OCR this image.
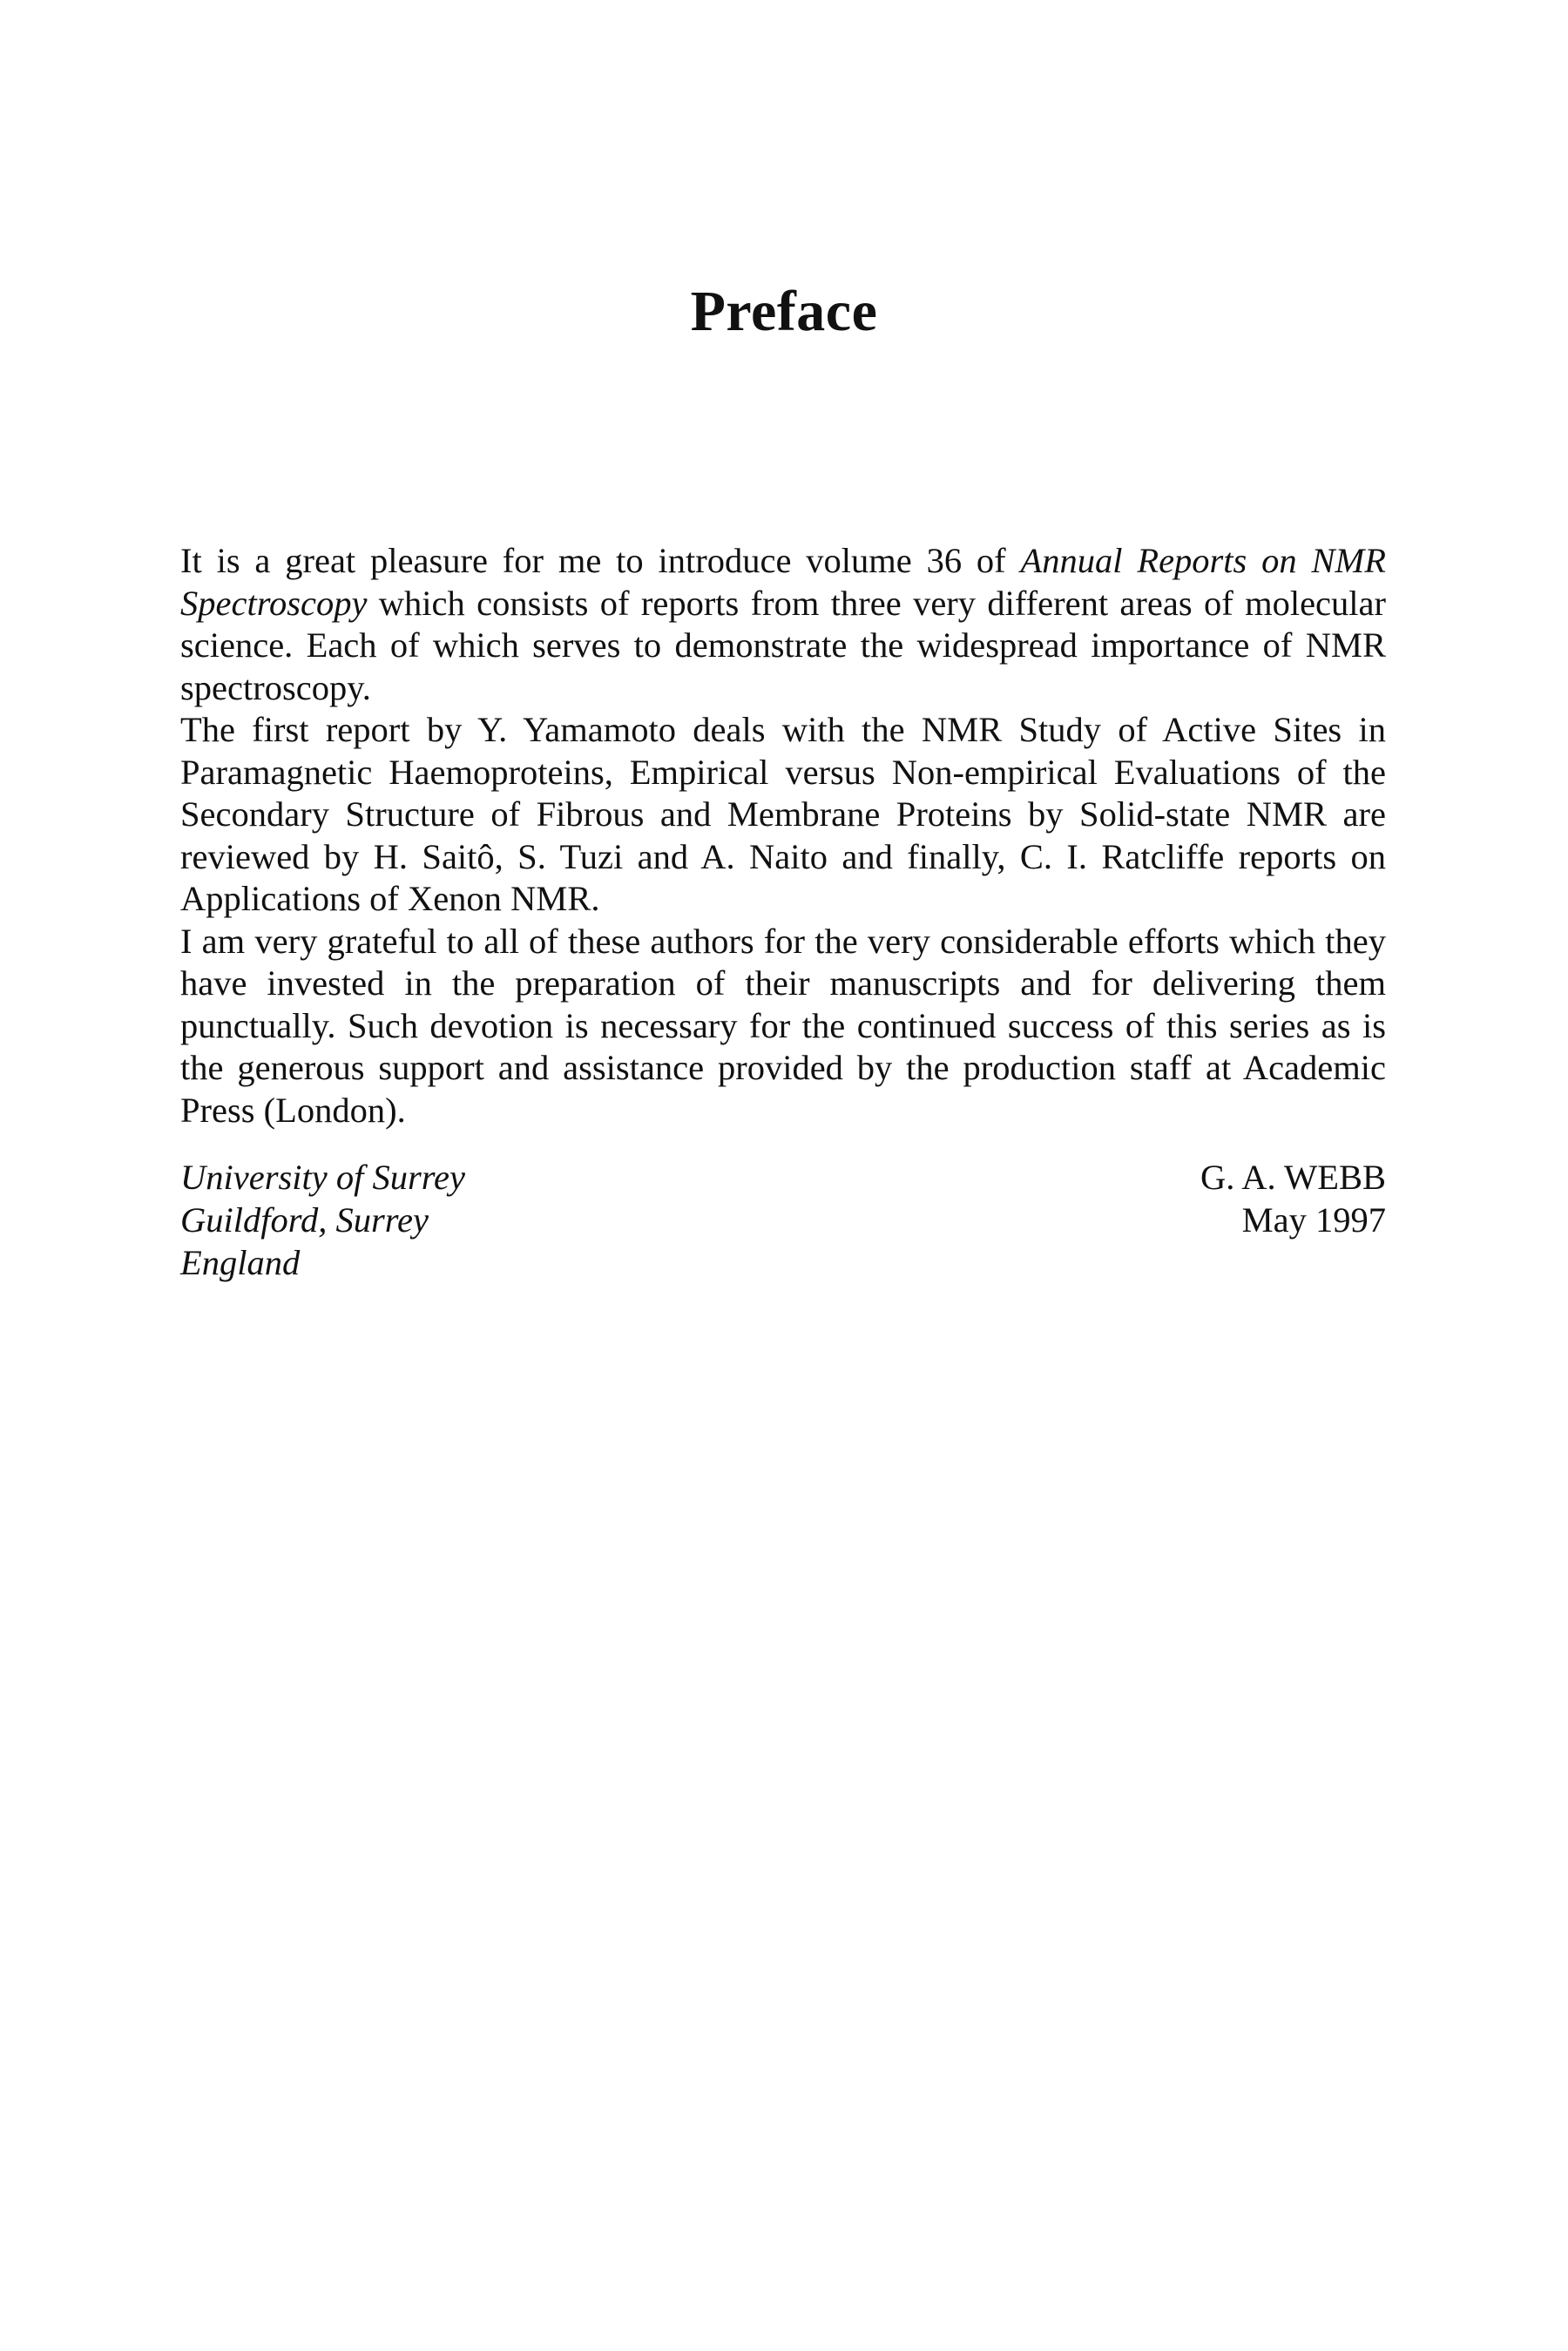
Preface

It is a great pleasure for me to introduce volume 36 of Annual Reports on NMR Spectroscopy which consists of reports from three very different areas of molecular science. Each of which serves to demonstrate the widespread importance of NMR spectroscopy.

The first report by Y. Yamamoto deals with the NMR Study of Active Sites in Paramagnetic Haemoproteins, Empirical versus Non-empirical Evaluations of the Secondary Structure of Fibrous and Membrane Proteins by Solid-state NMR are reviewed by H. Saitô, S. Tuzi and A. Naito and finally, C. I. Ratcliffe reports on Applications of Xenon NMR.

I am very grateful to all of these authors for the very considerable efforts which they have invested in the preparation of their manuscripts and for delivering them punctually. Such devotion is necessary for the continued success of this series as is the generous support and assistance provided by the production staff at Academic Press (London).

University of Surrey
Guildford, Surrey
England
G. A. WEBB
May 1997
